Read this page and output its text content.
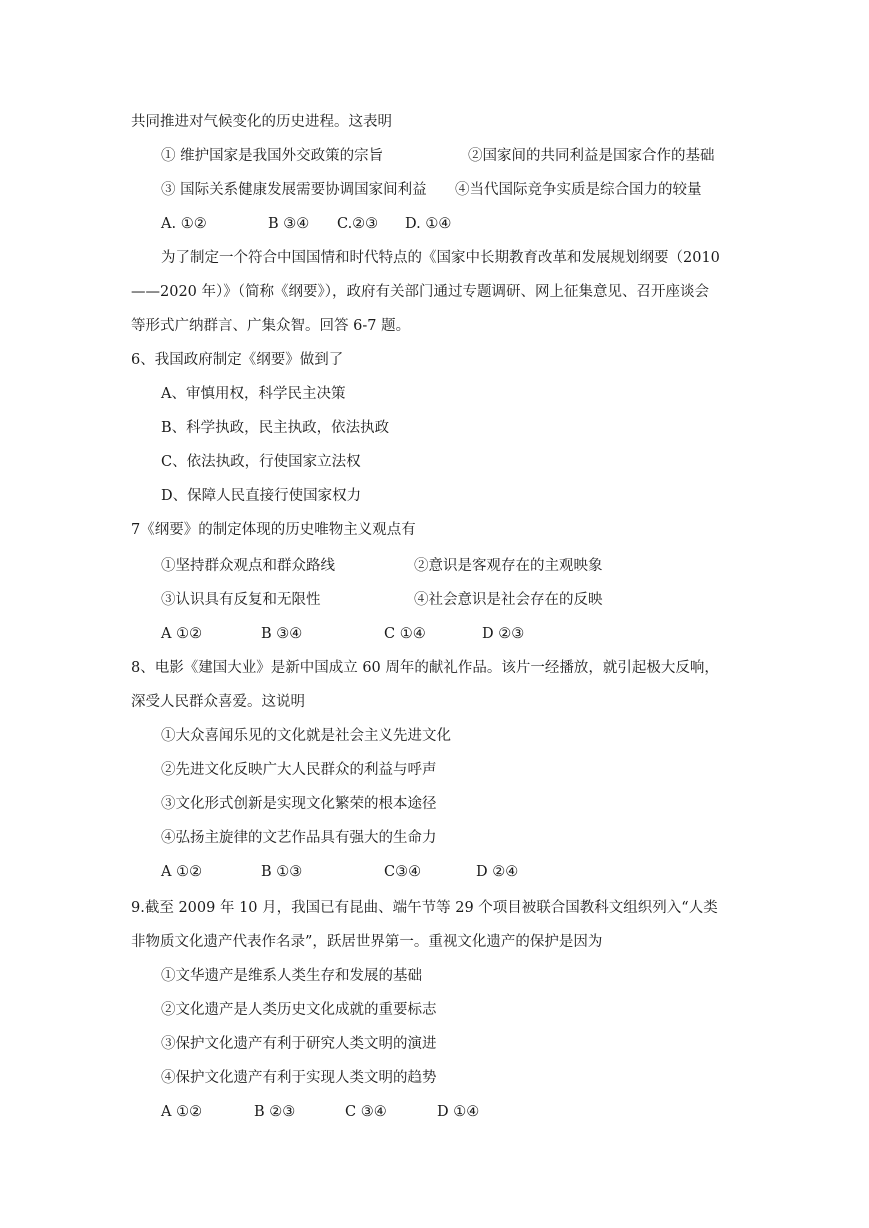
共同推进对气候变化的历史进程。这表明
① 维护国家是我国外交政策的宗旨	②国家间的共同利益是国家合作的基础
③ 国际关系健康发展需要协调国家间利益 ④当代国际竞争实质是综合国力的较量
A. ①②	B ③④ C.②③ D. ①④
为了制定一个符合中国国情和时代特点的《国家中长期教育改革和发展规划纲要（2010
——2020 年）》（简称《纲要》），政府有关部门通过专题调研、网上征集意见、召开座谈会
等形式广纳群言、广集众智。回答 6-7 题。
6、我国政府制定《纲要》做到了
A、审慎用权，科学民主决策
B、科学执政，民主执政，依法执政
C、依法执政，行使国家立法权
D、保障人民直接行使国家权力
7《纲要》的制定体现的历史唯物主义观点有
①坚持群众观点和群众路线	②意识是客观存在的主观映象
③认识具有反复和无限性	④社会意识是社会存在的反映
A ①②	B ③④	C ①④	D ②③
8、电影《建国大业》是新中国成立 60 周年的献礼作品。该片一经播放，就引起极大反响，
深受人民群众喜爱。这说明
①大众喜闻乐见的文化就是社会主义先进文化
②先进文化反映广大人民群众的利益与呼声
③文化形式创新是实现文化繁荣的根本途径
④弘扬主旋律的文艺作品具有强大的生命力
A ①②	B ①③	C③④	D ②④
9.截至 2009 年 10 月，我国已有昆曲、端午节等 29 个项目被联合国教科文组织列入“人类
非物质文化遗产代表作名录”，跃居世界第一。重视文化遗产的保护是因为
①文华遗产是维系人类生存和发展的基础
②文化遗产是人类历史文化成就的重要标志
③保护文化遗产有利于研究人类文明的演进
④保护文化遗产有利于实现人类文明的趋势
A ①②	B ②③	C ③④	D ①④
